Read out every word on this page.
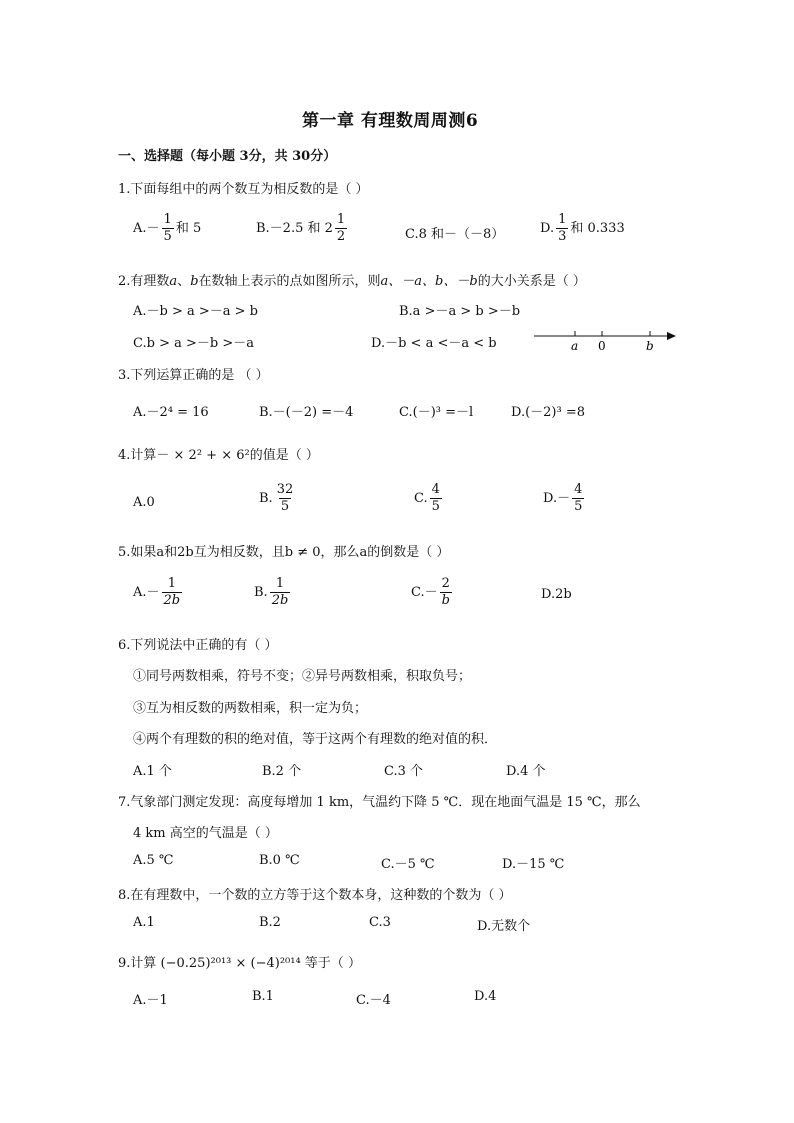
第一章 有理数周周测6
一、选择题（每小题 3分，共 30分）
1.下面每组中的两个数互为相反数的是（ ）
$A.- \frac{1}{5}$ 和 5	B.－2.5 和 $2 \frac{1}{2}$	C.8 和－（－8）	D. $\frac{1}{3}$ 和 0.333
2.有理数a、b在数轴上表示的点如图所示，则a、－a、b、－b的大小关系是（ ）
A.－b > a >－a > b	B.a >－a > b >－b
C.b > a >－b >－a	D.－b < a <－a < b	a 0	b
3.下列运算正确的是 （ ）
A.－2⁴ = 16	B.－(－2) =－4	C.(－)³ =－l	D.(－2)³ =8
4.计算－ × 2² + × 6²的值是（ ）
A.0	B. $\frac{32}{5}$	C. $\frac{4}{5}$	$D.- \frac{4}{5}$
5.如果a和2b互为相反数，且b ≠ 0，那么a的倒数是（ ）
$A.- \frac{1}{2b}$	B. $\frac{1}{2b}$	$C.- \frac{2}{b}$	D.2b
6.下列说法中正确的有（ ）
①同号两数相乘，符号不变；②异号两数相乘，积取负号；
③互为相反数的两数相乘，积一定为负；
④两个有理数的积的绝对值，等于这两个有理数的绝对值的积．
A.1 个	B.2 个	C.3 个	D.4 个
7.气象部门测定发现：高度每增加 1 km，气温约下降 5 ℃．现在地面气温是 15 ℃，那么
4 km 高空的气温是（ ）
A.5 ℃	B.0 ℃	C.－5 ℃	D.－15 ℃
8.在有理数中，一个数的立方等于这个数本身，这种数的个数为（ ）
A.1	B.2	C.3	D.无数个
9.计算 (−0.25)²⁰¹³ × (−4)²⁰¹⁴ 等于（ ）
A.－1	B.1	C.－4	D.4
